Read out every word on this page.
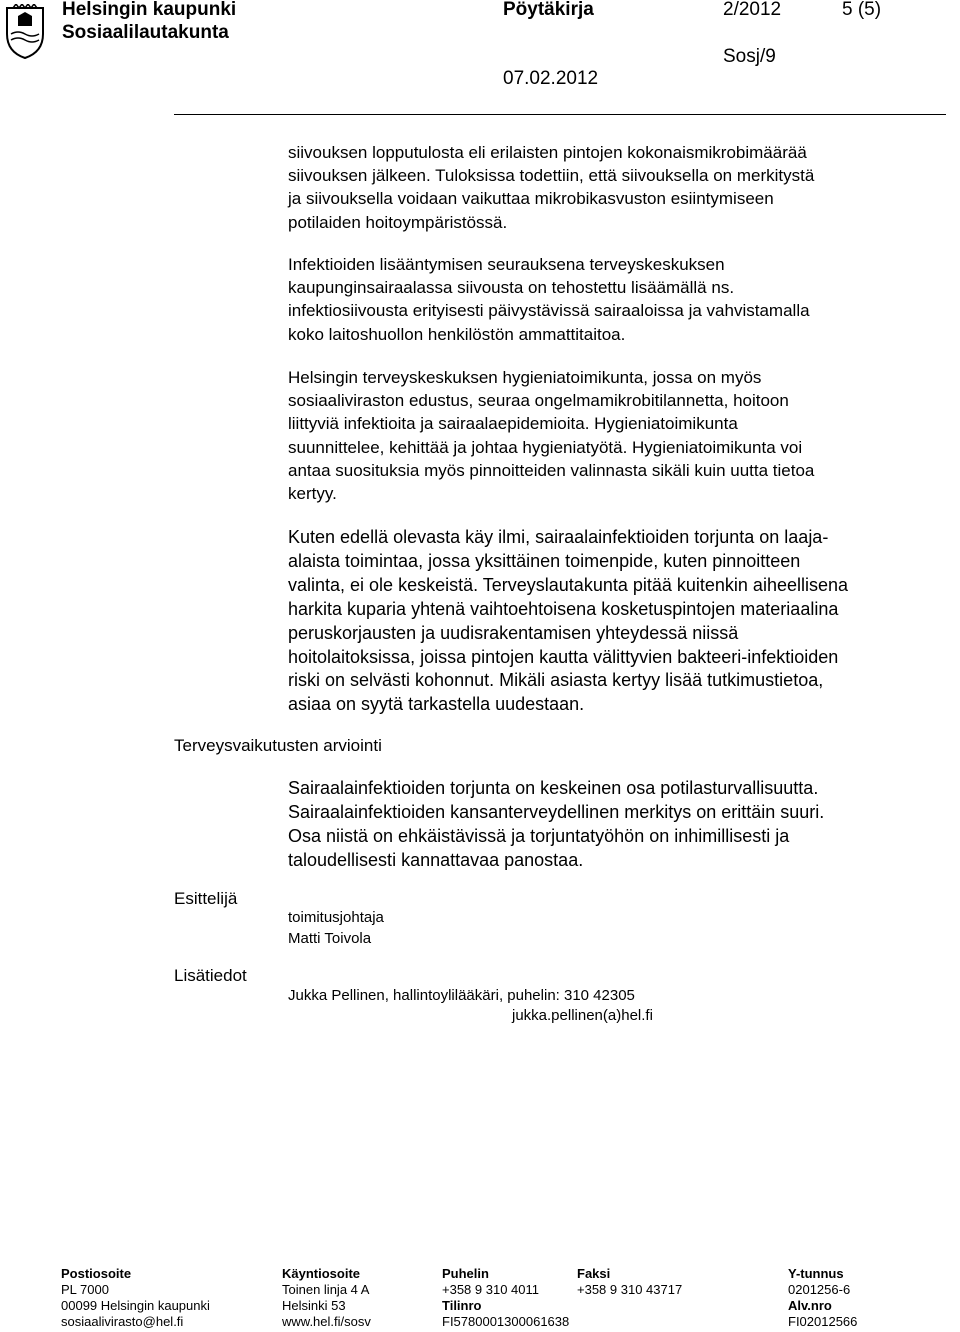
Helsingin kaupunki
Sosiaalilautakunta
Pöytäkirja	2/2012	5 (5)
Sosj/9
07.02.2012
siivouksen lopputulosta eli erilaisten pintojen kokonaismikrobimäärää
siivouksen jälkeen. Tuloksissa todettiin, että siivouksella on merkitystä
ja siivouksella voidaan vaikuttaa mikrobikasvuston esiintymiseen
potilaiden hoitoympäristössä.
Infektioiden lisääntymisen seurauksena terveyskeskuksen
kaupunginsairaalassa siivousta on tehostettu lisäämällä ns.
infektiosiivousta erityisesti päivystävissä sairaaloissa ja vahvistamalla
koko laitoshuollon henkilöstön ammattitaitoa.
Helsingin terveyskeskuksen hygieniatoimikunta, jossa on myös
sosiaaliviraston edustus, seuraa ongelmamikrobitilannetta, hoitoon
liittyviä infektioita ja sairaalaepidemioita. Hygieniatoimikunta
suunnittelee, kehittää ja johtaa hygieniatyötä. Hygieniatoimikunta voi
antaa suosituksia myös pinnoitteiden valinnasta sikäli kuin uutta tietoa
kertyy.
Kuten edellä olevasta käy ilmi, sairaalainfektioiden torjunta on laaja-
alaista toimintaa, jossa yksittäinen toimenpide, kuten pinnoitteen
valinta, ei ole keskeistä. Terveyslautakunta pitää kuitenkin aiheellisena
harkita kuparia yhtenä vaihtoehtoisena kosketuspintojen materiaalina
peruskorjausten ja uudisrakentamisen yhteydessä niissä
hoitolaitoksissa, joissa pintojen kautta välittyvien bakteeri-infektioiden
riski on selvästi kohonnut. Mikäli asiasta kertyy lisää tutkimustietoa,
asiaa on syytä tarkastella uudestaan.
Terveysvaikutusten arviointi
Sairaalainfektioiden torjunta on keskeinen osa potilasturvallisuutta.
Sairaalainfektioiden kansanterveydellinen merkitys on erittäin suuri.
Osa niistä on ehkäistävissä ja torjuntatyöhön on inhimillisesti ja
taloudellisesti kannattavaa panostaa.
Esittelijä
toimitusjohtaja
Matti Toivola
Lisätiedot
Jukka Pellinen, hallintoylilääkäri, puhelin: 310 42305
jukka.pellinen(a)hel.fi
Postiosoite
PL 7000
00099 Helsingin kaupunki
sosiaalivirasto@hel.fi
Käyntiosoite
Toinen linja 4 A
Helsinki 53
www.hel.fi/sosv
Puhelin
+358 9 310 4011
Tilinro
FI5780001300061638
Faksi
+358 9 310 43717
Y-tunnus
0201256-6
Alv.nro
FI02012566
